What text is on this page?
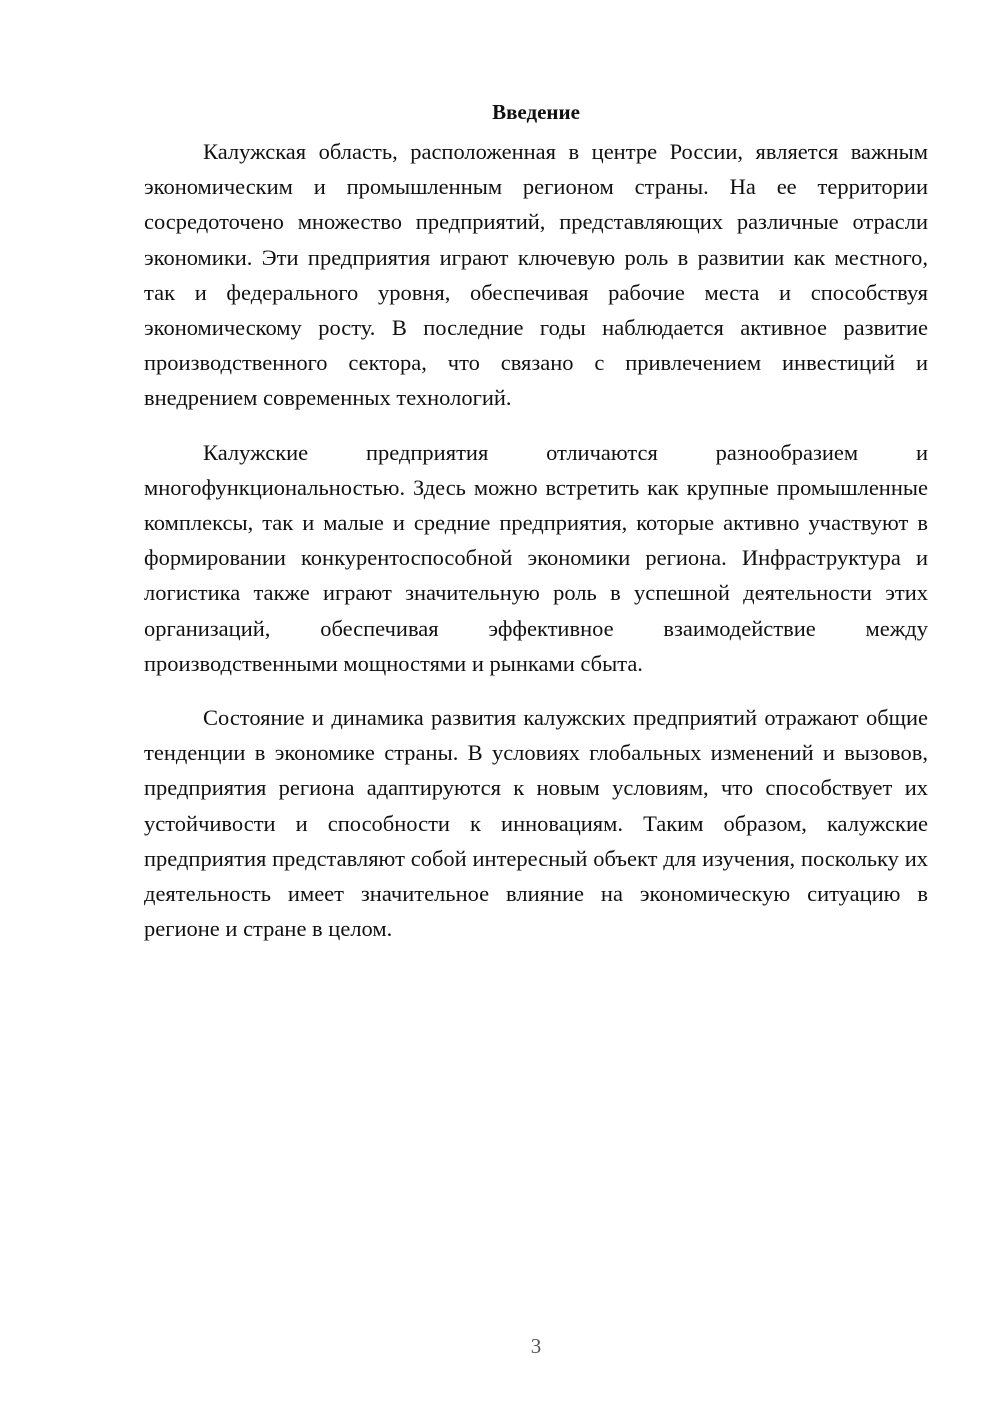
Введение

Калужская область, расположенная в центре России, является важным экономическим и промышленным регионом страны. На ее территории сосредоточено множество предприятий, представляющих различные отрасли экономики. Эти предприятия играют ключевую роль в развитии как местного, так и федерального уровня, обеспечивая рабочие места и способствуя экономическому росту. В последние годы наблюдается активное развитие производственного сектора, что связано с привлечением инвестиций и внедрением современных технологий.

Калужские предприятия отличаются разнообразием и многофункциональностью. Здесь можно встретить как крупные промышленные комплексы, так и малые и средние предприятия, которые активно участвуют в формировании конкурентоспособной экономики региона. Инфраструктура и логистика также играют значительную роль в успешной деятельности этих организаций, обеспечивая эффективное взаимодействие между производственными мощностями и рынками сбыта.

Состояние и динамика развития калужских предприятий отражают общие тенденции в экономике страны. В условиях глобальных изменений и вызовов, предприятия региона адаптируются к новым условиям, что способствует их устойчивости и способности к инновациям. Таким образом, калужские предприятия представляют собой интересный объект для изучения, поскольку их деятельность имеет значительное влияние на экономическую ситуацию в регионе и стране в целом.

3
